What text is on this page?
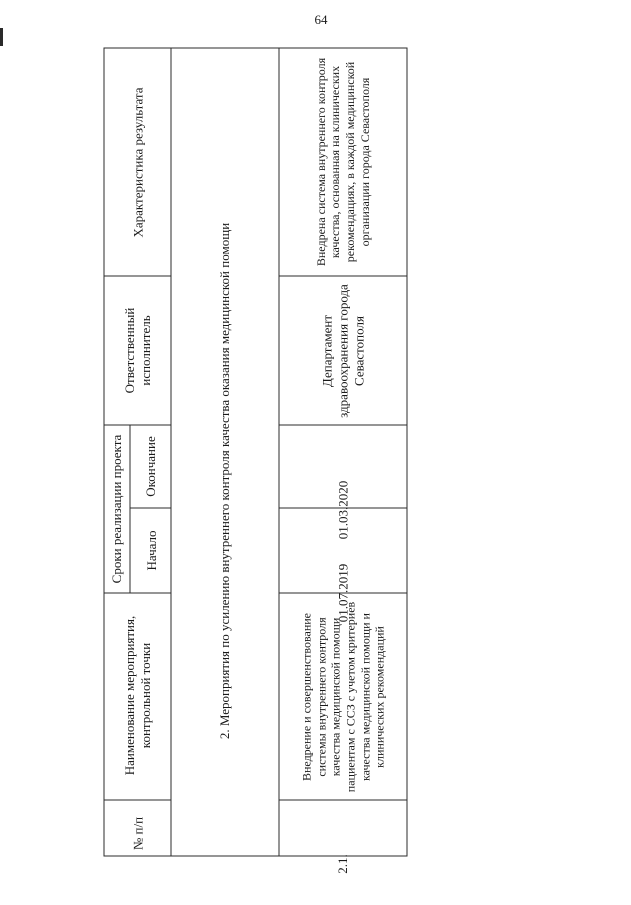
64
№ п/п
Наименование мероприятия, контрольной точки
Сроки реализации проекта Начало
Окончание
Ответственный исполнитель
Характеристика результата
2. Мероприятия по усилению внутреннего контроля качества оказания медицинской помощи
2.1.
Внедрение и совершенствование системы внутреннего контроля качества медицинской помощи пациентам с ССЗ с учетом критериев качества медицинской помощи и клинических рекомендаций
01.07.2019
01.03.2020
Департамент здравоохранения города Севастополя
Внедрена система внутреннего контроля качества, основанная на клинических рекомендациях, в каждой медицинской организации города Севастополя
